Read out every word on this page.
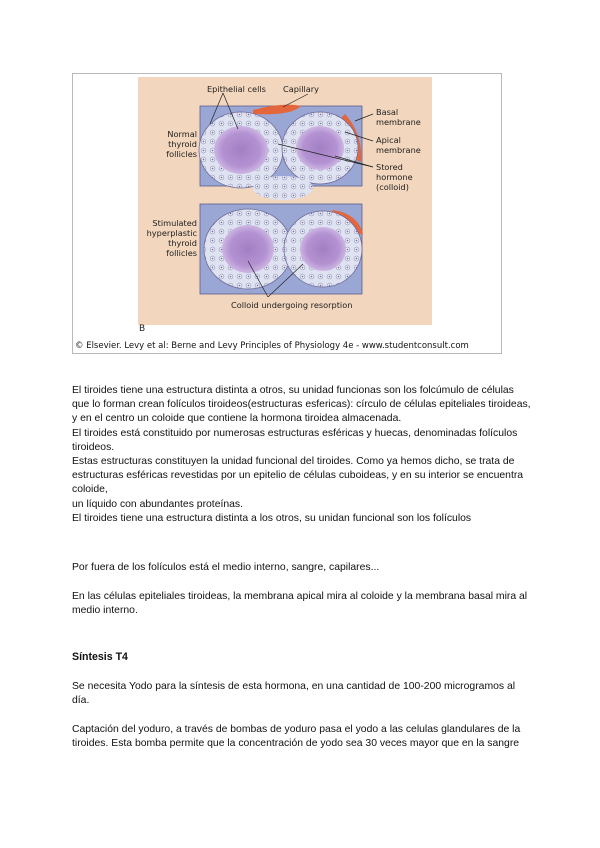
Epithelial cells Capillary
Normal thyroid follicles
Basal membrane
Apical membrane
Stored hormone (colloid)
Stimulated hyperplastic thyroid follicles
Colloid undergoing resorption
B
© Elsevier. Levy et al: Berne and Levy Principles of Physiology 4e - www.studentconsult.com

El tiroides tiene una estructura distinta a otros, su unidad funcionas son los folcúmulo de células que lo forman crean folículos tiroideos(estructuras esfericas): círculo de células epiteliales tiroideas, y en el centro un coloide que contiene la hormona tiroidea almacenada.

El tiroides está constituido por numerosas estructuras esféricas y huecas, denominadas folículos tiroideos.

Estas estructuras constituyen la unidad funcional del tiroides. Como ya hemos dicho, se trata de

estructuras esféricas revestidas por un epitelio de células cuboideas, y en su interior se encuentra coloide,

un líquido con abundantes proteínas.

El tiroides tiene una estructura distinta a los otros, su unidan funcional son los folículos

Por fuera de los folículos está el medio interno, sangre, capilares...

En las células epiteliales tiroideas, la membrana apical mira al coloide y la membrana basal mira al medio interno.

Síntesis T4

Se necesita Yodo para la síntesis de esta hormona, en una cantidad de 100-200 microgramos al día.

Captación del yoduro, a través de bombas de yoduro pasa el yodo a las celulas glandulares de la tiroides. Esta bomba permite que la concentración de yodo sea 30 veces mayor que en la sangre
